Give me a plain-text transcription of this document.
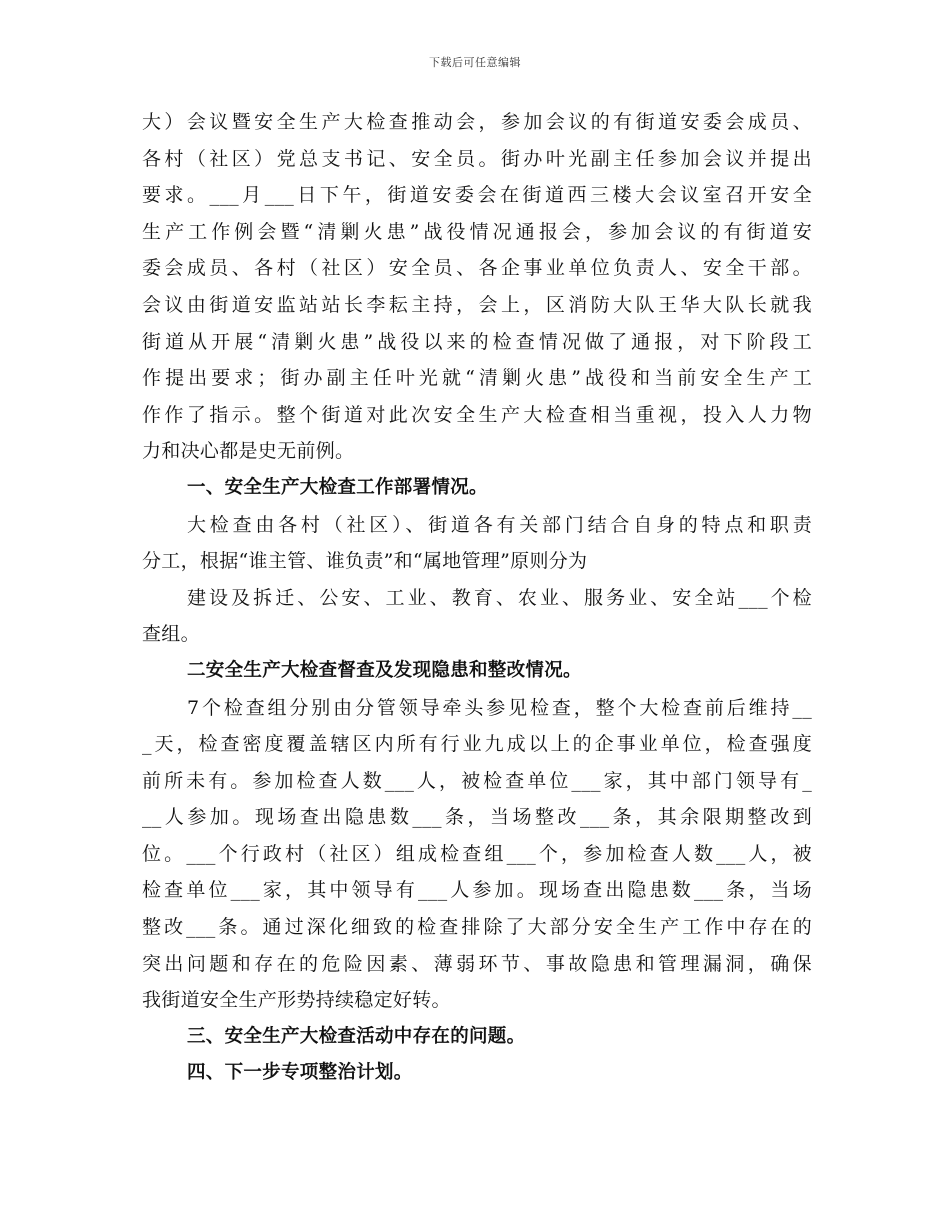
下载后可任意编辑
大）会议暨安全生产大检查推动会，参加会议的有街道安委会成员、
各村（社区）党总支书记、安全员。街办叶光副主任参加会议并提出
要求。___月___日下午，街道安委会在街道西三楼大会议室召开安全
生产工作例会暨“清剿火患”战役情况通报会，参加会议的有街道安
委会成员、各村（社区）安全员、各企事业单位负责人、安全干部。
会议由街道安监站站长李耘主持，会上，区消防大队王华大队长就我
街道从开展“清剿火患”战役以来的检查情况做了通报，对下阶段工
作提出要求；街办副主任叶光就“清剿火患”战役和当前安全生产工
作作了指示。整个街道对此次安全生产大检查相当重视，投入人力物
力和决心都是史无前例。
一、安全生产大检查工作部署情况。
大检查由各村（社区）、街道各有关部门结合自身的特点和职责
分工，根据“谁主管、谁负责”和“属地管理”原则分为
建设及拆迁、公安、工业、教育、农业、服务业、安全站___个检
查组。
二安全生产大检查督查及发现隐患和整改情况。
7个检查组分别由分管领导牵头参见检查，整个大检查前后维持__
_天，检查密度覆盖辖区内所有行业九成以上的企事业单位，检查强度
前所未有。参加检查人数___人，被检查单位___家，其中部门领导有_
__人参加。现场查出隐患数___条，当场整改___条，其余限期整改到
位。___个行政村（社区）组成检查组___个，参加检查人数___人，被
检查单位___家，其中领导有___人参加。现场查出隐患数___条，当场
整改___条。通过深化细致的检查排除了大部分安全生产工作中存在的
突出问题和存在的危险因素、薄弱环节、事故隐患和管理漏洞，确保
我街道安全生产形势持续稳定好转。
三、安全生产大检查活动中存在的问题。
四、下一步专项整治计划。
